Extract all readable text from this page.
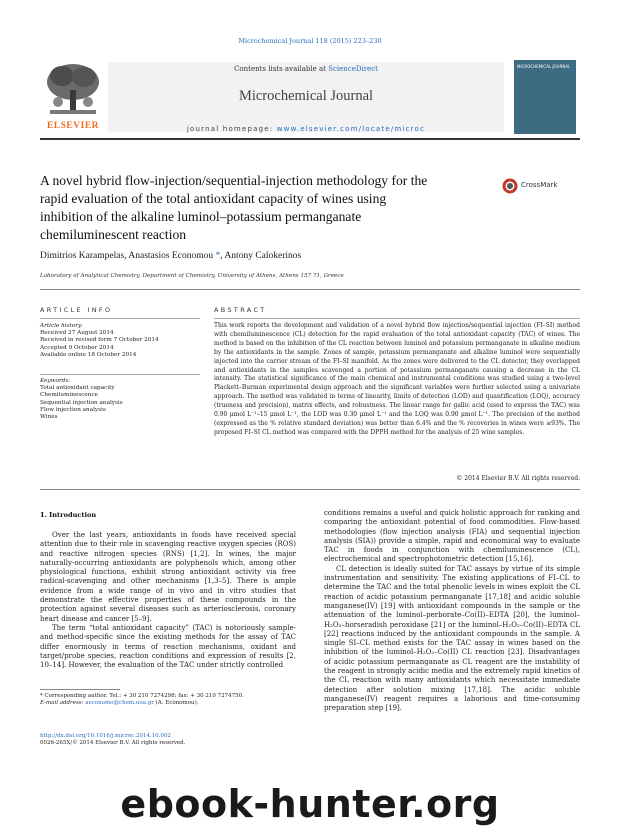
Microchemical Journal 118 (2015) 223–230
ELSEVIER
Contents lists available at ScienceDirect
Microchemical Journal
journal homepage: www.elsevier.com/locate/microc
MICROCHEMICAL JOURNAL
A novel hybrid flow-injection/sequential-injection methodology for the
rapid evaluation of the total antioxidant capacity of wines using
inhibition of the alkaline luminol–potassium permanganate
chemiluminescent reaction
CrossMark
Dimitrios Karampelas, Anastasios Economou *, Antony Calokerinos
Laboratory of Analytical Chemistry, Department of Chemistry, University of Athens, Athens 157 71, Greece
ARTICLE INFO	ABSTRACT
Article history:
Received 27 August 2014
Received in revised form 7 October 2014
Accepted 9 October 2014
Available online 18 October 2014
Keywords:
Total antioxidant capacity
Chemiluminescence
Sequential injection analysis
Flow injection analysis
Wines

This work reports the development and validation of a novel hybrid flow injection/sequential injection (FI–SI) method with chemiluminescence (CL) detection for the rapid evaluation of the total antioxidant capacity (TAC) of wines. The method is based on the inhibition of the CL reaction between luminol and potassium permanganate in alkaline medium by the antioxidants in the sample. Zones of sample, potassium permanganate and alkaline luminol were sequentially injected into the carrier stream of the FI–SI manifold. As the zones were delivered to the CL detector, they overlapped and antioxidants in the samples scavenged a portion of potassium permanganate causing a decrease in the CL intensity. The statistical significance of the main chemical and instrumental conditions was studied using a two-level Plackett–Burman experimental design approach and the significant variables were further selected using a univariate approach. The method was validated in terms of linearity, limits of detection (LOD) and quantification (LOQ), accuracy (trueness and precision), matrix effects, and robustness. The linear range for gallic acid (used to express the TAC) was 0.90 μmol L⁻¹–15 μmol L⁻¹, the LOD was 0.30 μmol L⁻¹ and the LOQ was 0.90 μmol L⁻¹. The precision of the method (expressed as the % relative standard deviation) was better than 6.4% and the % recoveries in wines were ≥93%. The proposed FI–SI CL method was compared with the DPPH method for the analysis of 25 wine samples.

© 2014 Elsevier B.V. All rights reserved.
1. Introduction

Over the last years, antioxidants in foods have received special attention due to their role in scavenging reactive oxygen species (ROS) and reactive nitrogen species (RNS) [1,2]. In wines, the major naturally-occurring antioxidants are polyphenols which, among other physiological functions, exhibit strong antioxidant activity via free radical-scavenging and other mechanisms [1,3–5]. There is ample evidence from a wide range of in vivo and in vitro studies that demonstrate the effective properties of these compounds in the protection against several diseases such as arteriosclerosis, coronary heart disease and cancer [5–9].

The term “total antioxidant capacity” (TAC) is notoriously sample- and method-specific since the existing methods for the assay of TAC differ enormously in terms of reaction mechanisms, oxidant and target/probe species, reaction conditions and expression of results [2, 10–14]. However, the evaluation of the TAC under strictly controlled

conditions remains a useful and quick holistic approach for ranking and comparing the antioxidant potential of food commodities. Flow-based methodologies (flow injection analysis (FIA) and sequential injection analysis (SIA)) provide a simple, rapid and economical way to evaluate TAC in foods in conjunction with chemiluminescence (CL), electrochemical and spectrophotometric detection [15,16].

CL detection is ideally suited for TAC assays by virtue of its simple instrumentation and sensitivity. The existing applications of FI–CL to determine the TAC and the total phenolic levels in wines exploit the CL reaction of acidic potassium permanganate [17,18] and acidic soluble manganese(IV) [19] with antioxidant compounds in the sample or the attenuation of the luminol–perborate–Co(II)–EDTA [20], the luminol–H₂O₂–horseradish peroxidase [21] or the luminol–H₂O₂–Co(II)–EDTA CL [22] reactions induced by the antioxidant compounds in the sample. A single SI–CL method exists for the TAC assay in wines based on the inhibition of the luminol–H₂O₂–Co(II) CL reaction [23]. Disadvantages of acidic potassium permanganate as CL reagent are the instability of the reagent in strongly acidic media and the extremely rapid kinetics of the CL reaction with many antioxidants which necessitate immediate detection after solution mixing [17,18]. The acidic soluble manganese(IV) reagent requires a laborious and time-consuming preparation step [19].

* Corresponding author. Tel.: + 30 210 7274298; fax: + 30 210 7274750.
E-mail address: aeconomo@chem.uoa.gr (A. Economou).
http://dx.doi.org/10.1016/j.microc.2014.10.002
0026-265X/© 2014 Elsevier B.V. All rights reserved.
ebook-hunter.org
